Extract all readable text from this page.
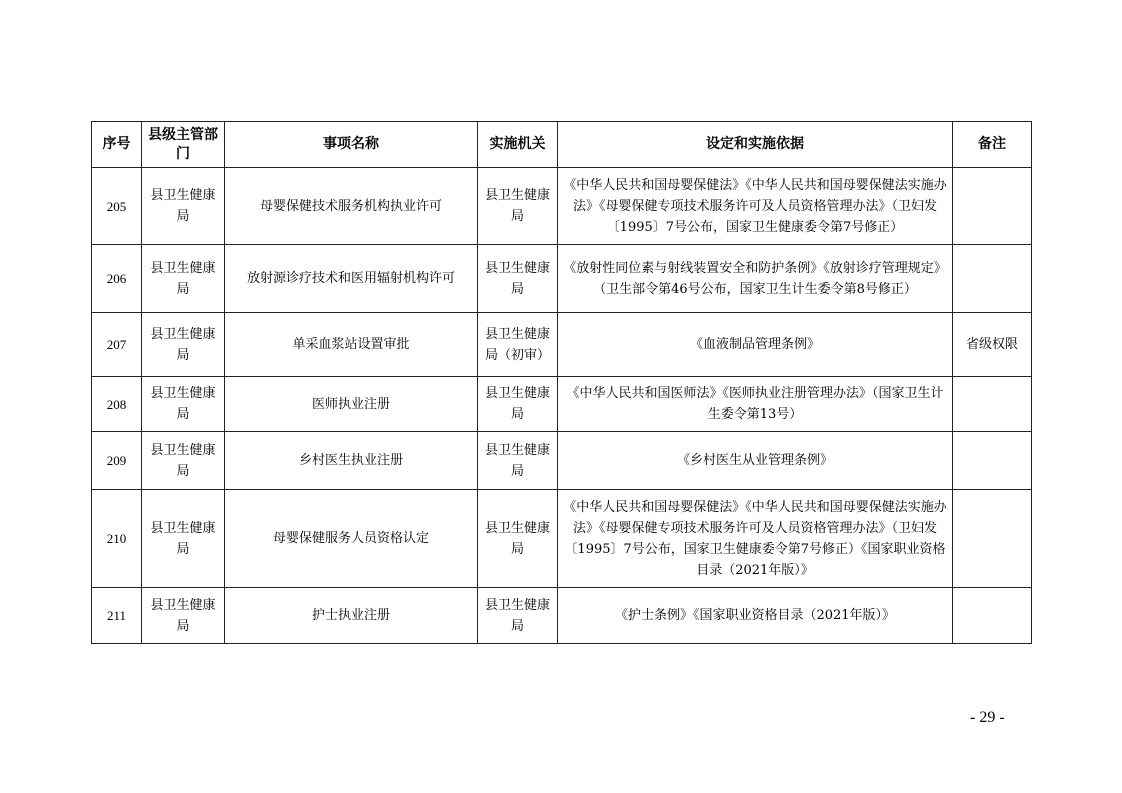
序号	县级主管部门	事项名称	实施机关	设定和实施依据	备注
205	县卫生健康局	母婴保健技术服务机构执业许可	县卫生健康局	《中华人民共和国母婴保健法》《中华人民共和国母婴保健法实施办法》《母婴保健专项技术服务许可及人员资格管理办法》（卫妇发〔1995〕7号公布，国家卫生健康委令第7号修正）	
206	县卫生健康局	放射源诊疗技术和医用辐射机构许可	县卫生健康局	《放射性同位素与射线装置安全和防护条例》《放射诊疗管理规定》（卫生部令第46号公布，国家卫生计生委令第8号修正）	
207	县卫生健康局	单采血浆站设置审批	县卫生健康局（初审）	《血液制品管理条例》	省级权限
208	县卫生健康局	医师执业注册	县卫生健康局	《中华人民共和国医师法》《医师执业注册管理办法》（国家卫生计生委令第13号）	
209	县卫生健康局	乡村医生执业注册	县卫生健康局	《乡村医生从业管理条例》	
210	县卫生健康局	母婴保健服务人员资格认定	县卫生健康局	《中华人民共和国母婴保健法》《中华人民共和国母婴保健法实施办法》《母婴保健专项技术服务许可及人员资格管理办法》（卫妇发〔1995〕7号公布，国家卫生健康委令第7号修正）《国家职业资格目录（2021年版）》	
211	县卫生健康局	护士执业注册	县卫生健康局	《护士条例》《国家职业资格目录（2021年版）》	
- 29 -
